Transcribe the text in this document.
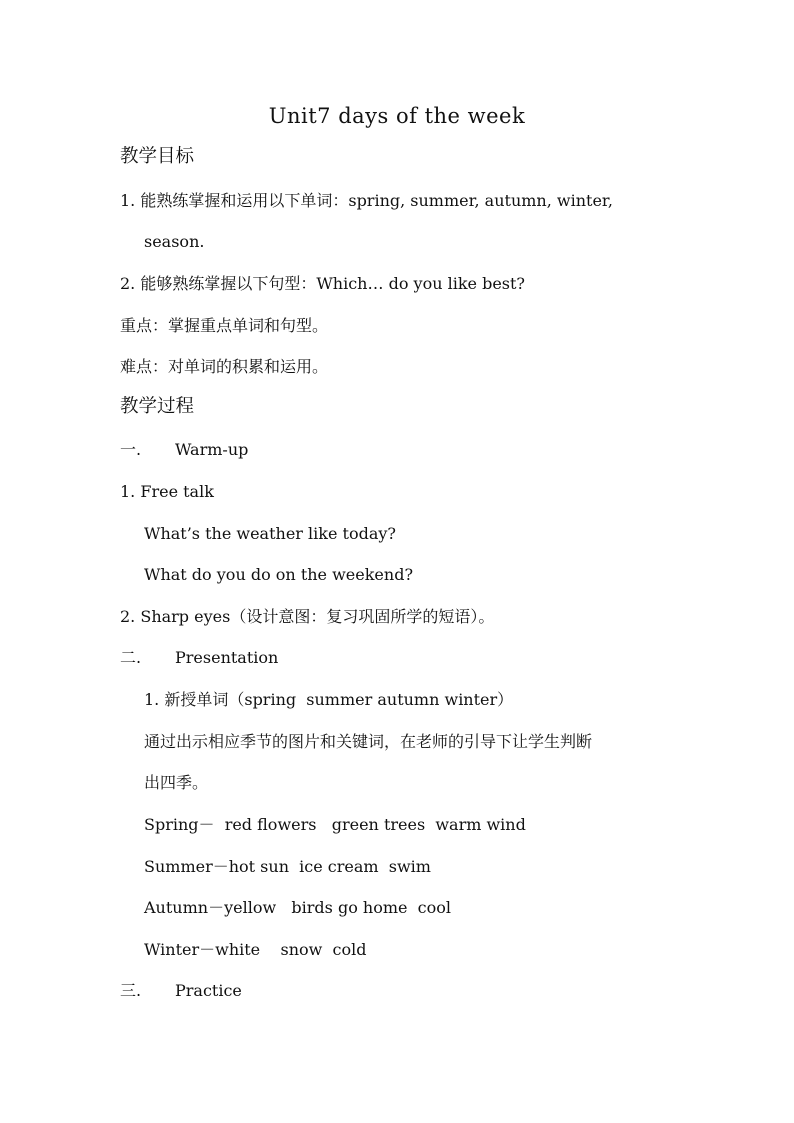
Unit7 days of the week
教学目标
1. 能熟练掌握和运用以下单词：spring, summer, autumn, winter,
season.
2. 能够熟练掌握以下句型：Which… do you like best?
重点：掌握重点单词和句型。
难点：对单词的积累和运用。
教学过程
一. Warm-up
1. Free talk
What’s the weather like today?
What do you do on the weekend?
2. Sharp eyes（设计意图：复习巩固所学的短语）。
二. Presentation
1. 新授单词（spring  summer autumn winter）
通过出示相应季节的图片和关键词，在老师的引导下让学生判断
出四季。
Spring－  red flowers   green trees  warm wind
Summer－hot sun  ice cream  swim
Autumn－yellow   birds go home  cool
Winter－white    snow  cold
三. Practice
